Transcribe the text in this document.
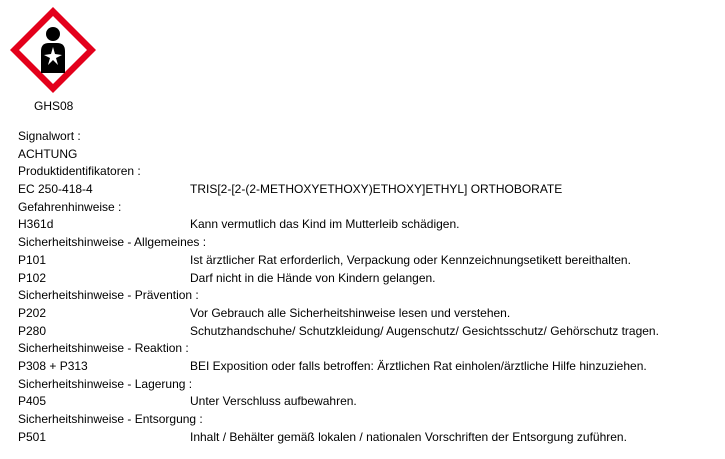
GHS08
Signalwort :
ACHTUNG
Produktidentifikatoren :
EC 250-418-4	TRIS[2-[2-(2-METHOXYETHOXY)ETHOXY]ETHYL] ORTHOBORATE
Gefahrenhinweise :
H361d	Kann vermutlich das Kind im Mutterleib schädigen.
Sicherheitshinweise - Allgemeines :
P101	Ist ärztlicher Rat erforderlich, Verpackung oder Kennzeichnungsetikett bereithalten.
P102	Darf nicht in die Hände von Kindern gelangen.
Sicherheitshinweise - Prävention :
P202	Vor Gebrauch alle Sicherheitshinweise lesen und verstehen.
P280	Schutzhandschuhe/ Schutzkleidung/ Augenschutz/ Gesichtsschutz/ Gehörschutz tragen.
Sicherheitshinweise - Reaktion :
P308 + P313	BEI Exposition oder falls betroffen: Ärztlichen Rat einholen/ärztliche Hilfe hinzuziehen.
Sicherheitshinweise - Lagerung :
P405	Unter Verschluss aufbewahren.
Sicherheitshinweise - Entsorgung :
P501	Inhalt / Behälter gemäß lokalen / nationalen Vorschriften der Entsorgung zuführen.
